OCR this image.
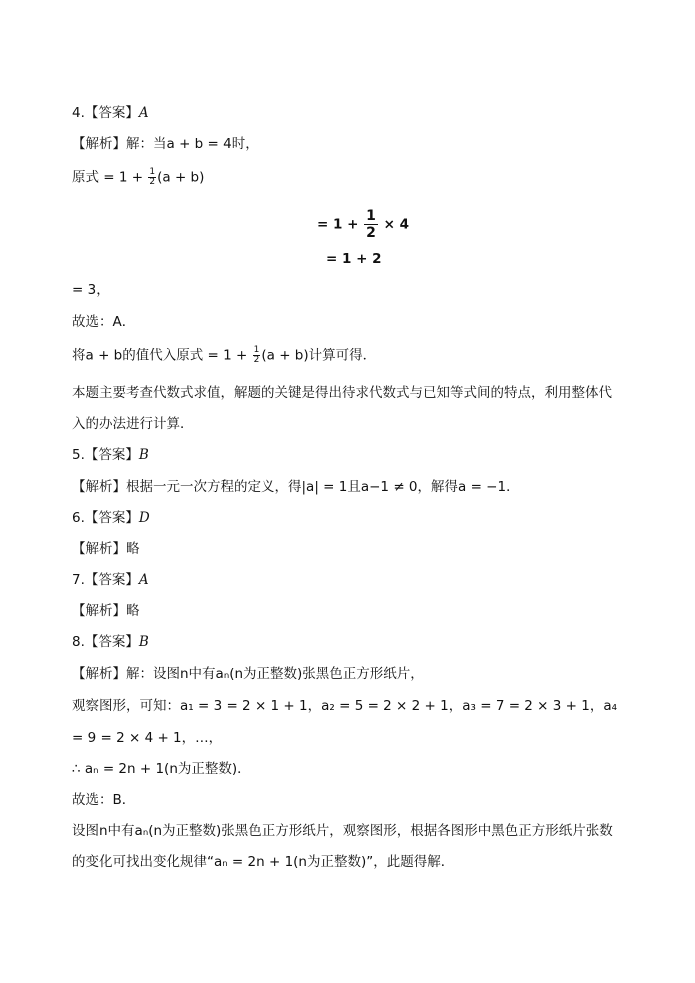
4.【答案】A
【解析】解：当a + b = 4时，
原式 = $1 + \frac{1}{2} (a + b)$
= $1 + \frac{1}{2} \times 4$
= 1 + 2
= 3，
故选：A．
将a + b的值代入原式 = $1 + \frac{1}{2} (a + b)$计算可得．
本题主要考查代数式求值，解题的关键是得出待求代数式与已知等式间的特点，利用整体代入的办法进行计算．
5.【答案】B
【解析】根据一元一次方程的定义，得|a| = 1且a−1 ≠ 0，解得a = −1．
6.【答案】D
【解析】略
7.【答案】A
【解析】略
8.【答案】B
【解析】解：设图n中有aₙ(n为正整数)张黑色正方形纸片，
观察图形，可知：a₁ = 3 = 2 × 1 + 1，a₂ = 5 = 2 × 2 + 1，a₃ = 7 = 2 × 3 + 1，a₄
= 9 = 2 × 4 + 1，…，
∴ aₙ = 2n + 1(n为正整数)．
故选：B．
设图n中有aₙ(n为正整数)张黑色正方形纸片，观察图形，根据各图形中黑色正方形纸片张数的变化可找出变化规律“aₙ = 2n + 1(n为正整数)”，此题得解．
